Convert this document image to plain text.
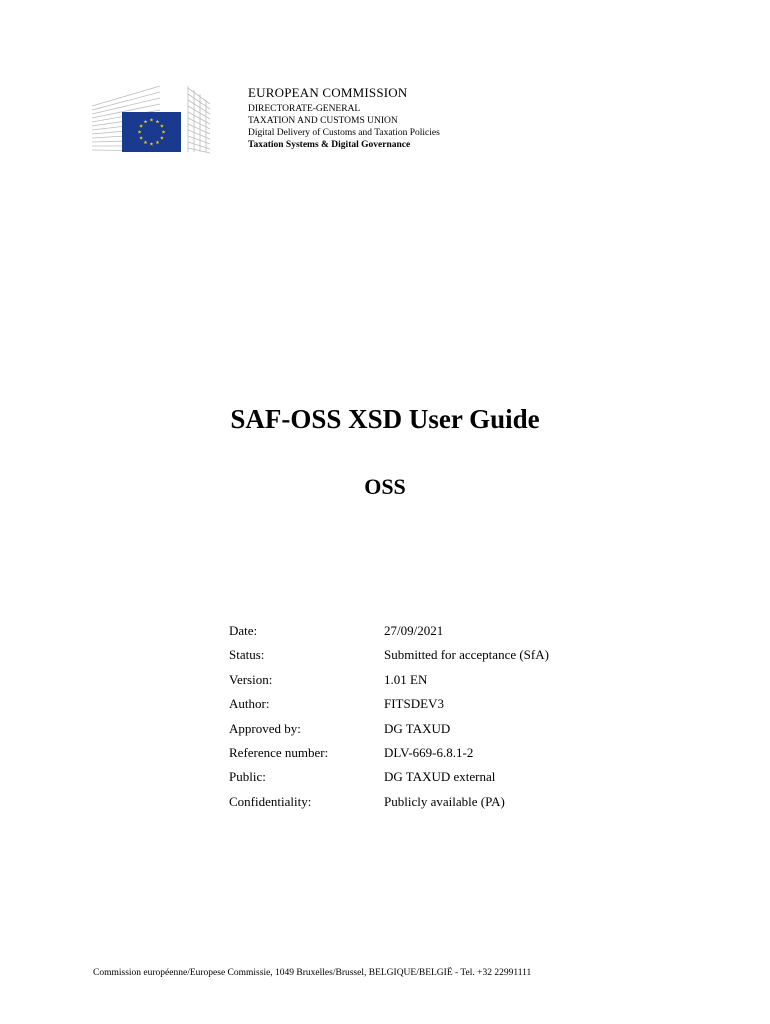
EUROPEAN COMMISSION
DIRECTORATE-GENERAL
TAXATION AND CUSTOMS UNION
Digital Delivery of Customs and Taxation Policies
Taxation Systems & Digital Governance
SAF-OSS XSD User Guide
OSS
Date:	27/09/2021
Status:	Submitted for acceptance (SfA)
Version:	1.01 EN
Author:	FITSDEV3
Approved by:	DG TAXUD
Reference number:	DLV-669-6.8.1-2
Public:	DG TAXUD external
Confidentiality:	Publicly available (PA)
Commission européenne/Europese Commissie, 1049 Bruxelles/Brussel, BELGIQUE/BELGIË - Tel. +32 22991111
